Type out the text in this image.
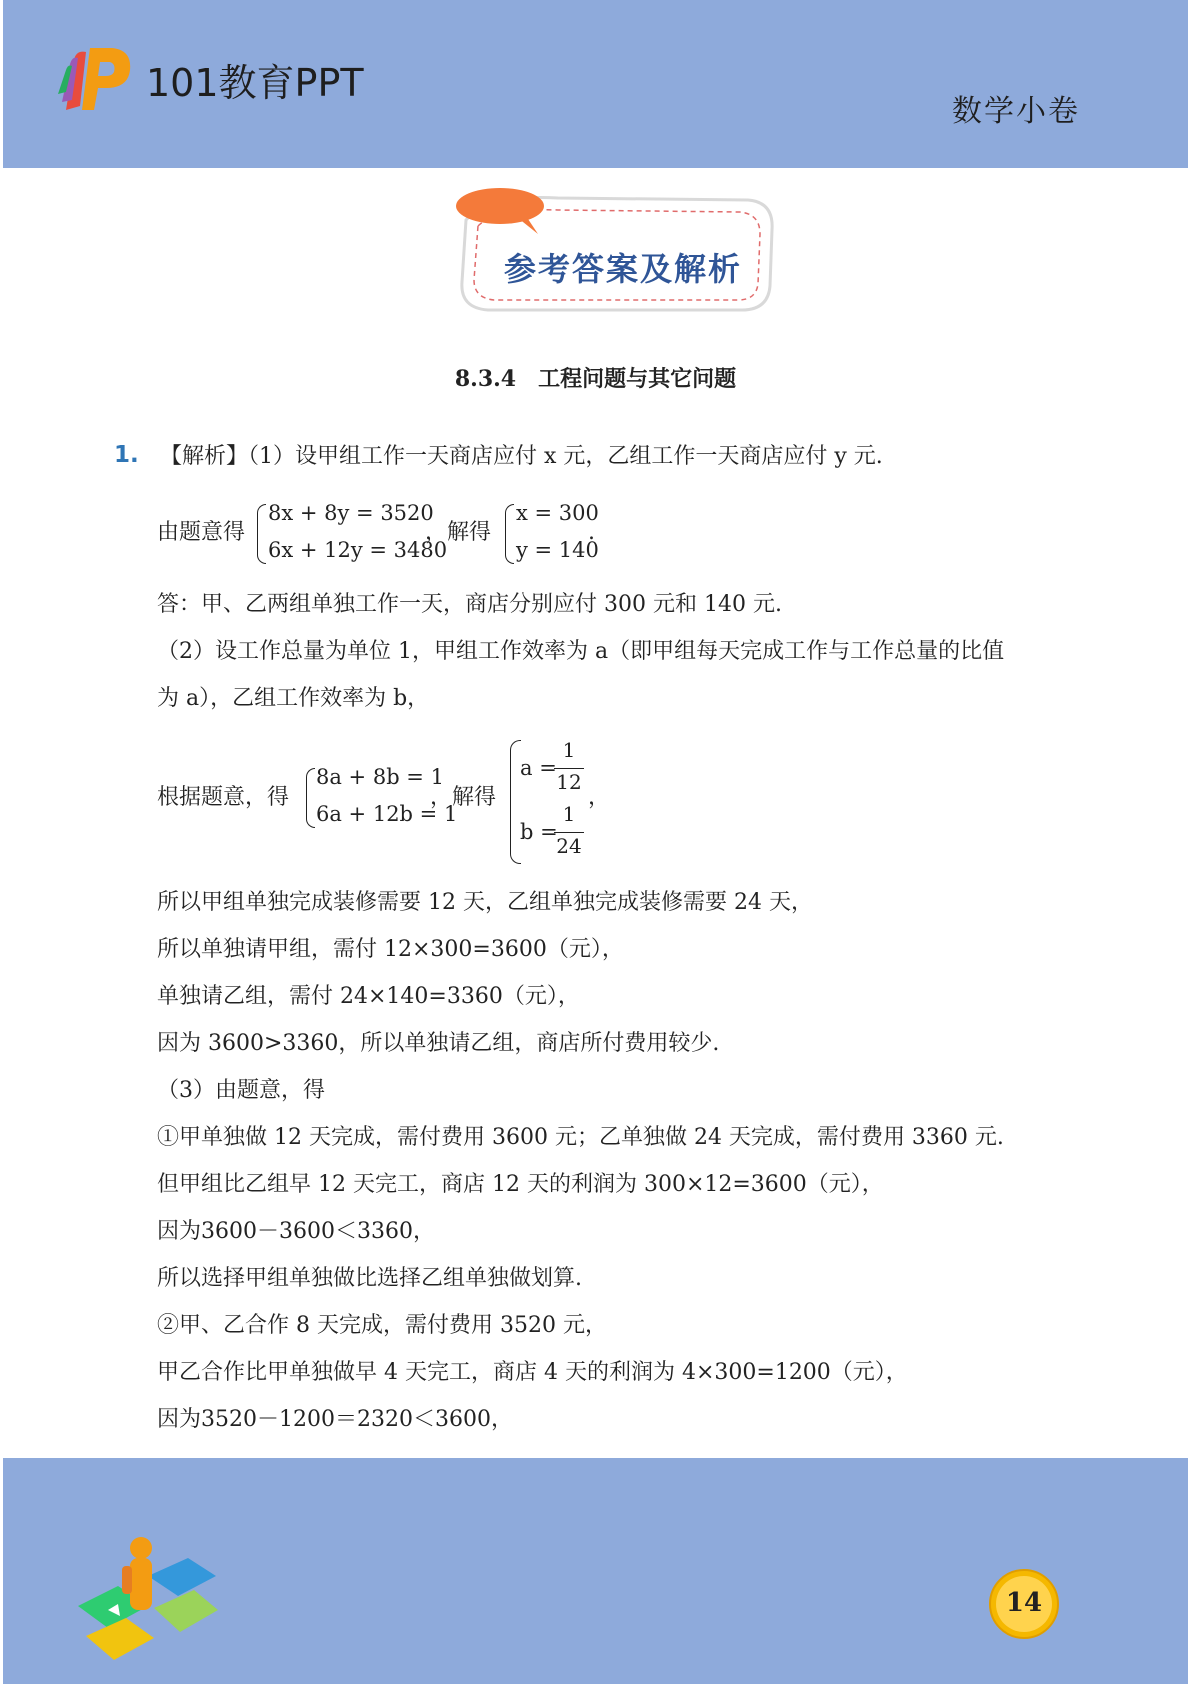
101教育PPT
数学小卷
参考答案及解析
8.3.4　工程问题与其它问题
1. 【解析】（1）设甲组工作一天商店应付 x 元，乙组工作一天商店应付 y 元.
由题意得
8x + 8y = 3520
6x + 12y = 3480
，解得
x = 300
y = 140
.
答：甲、乙两组单独工作一天，商店分别应付 300 元和 140 元.
（2）设工作总量为单位 1，甲组工作效率为 a（即甲组每天完成工作与工作总量的比值
为 a），乙组工作效率为 b，
根据题意，得
8a + 8b = 1
6a + 12b = 1
，解得
a =
1
12
b =
1
24
，
所以甲组单独完成装修需要 12 天，乙组单独完成装修需要 24 天，
所以单独请甲组，需付 12×300=3600（元），
单独请乙组，需付 24×140=3360（元），
因为 3600>3360，所以单独请乙组，商店所付费用较少.
（3）由题意，得
①甲单独做 12 天完成，需付费用 3600 元；乙单独做 24 天完成，需付费用 3360 元.
但甲组比乙组早 12 天完工，商店 12 天的利润为 300×12=3600（元），
因为3600－3600＜3360，
所以选择甲组单独做比选择乙组单独做划算.
②甲、乙合作 8 天完成，需付费用 3520 元，
甲乙合作比甲单独做早 4 天完工，商店 4 天的利润为 4×300=1200（元），
因为3520－1200＝2320＜3600，
14
